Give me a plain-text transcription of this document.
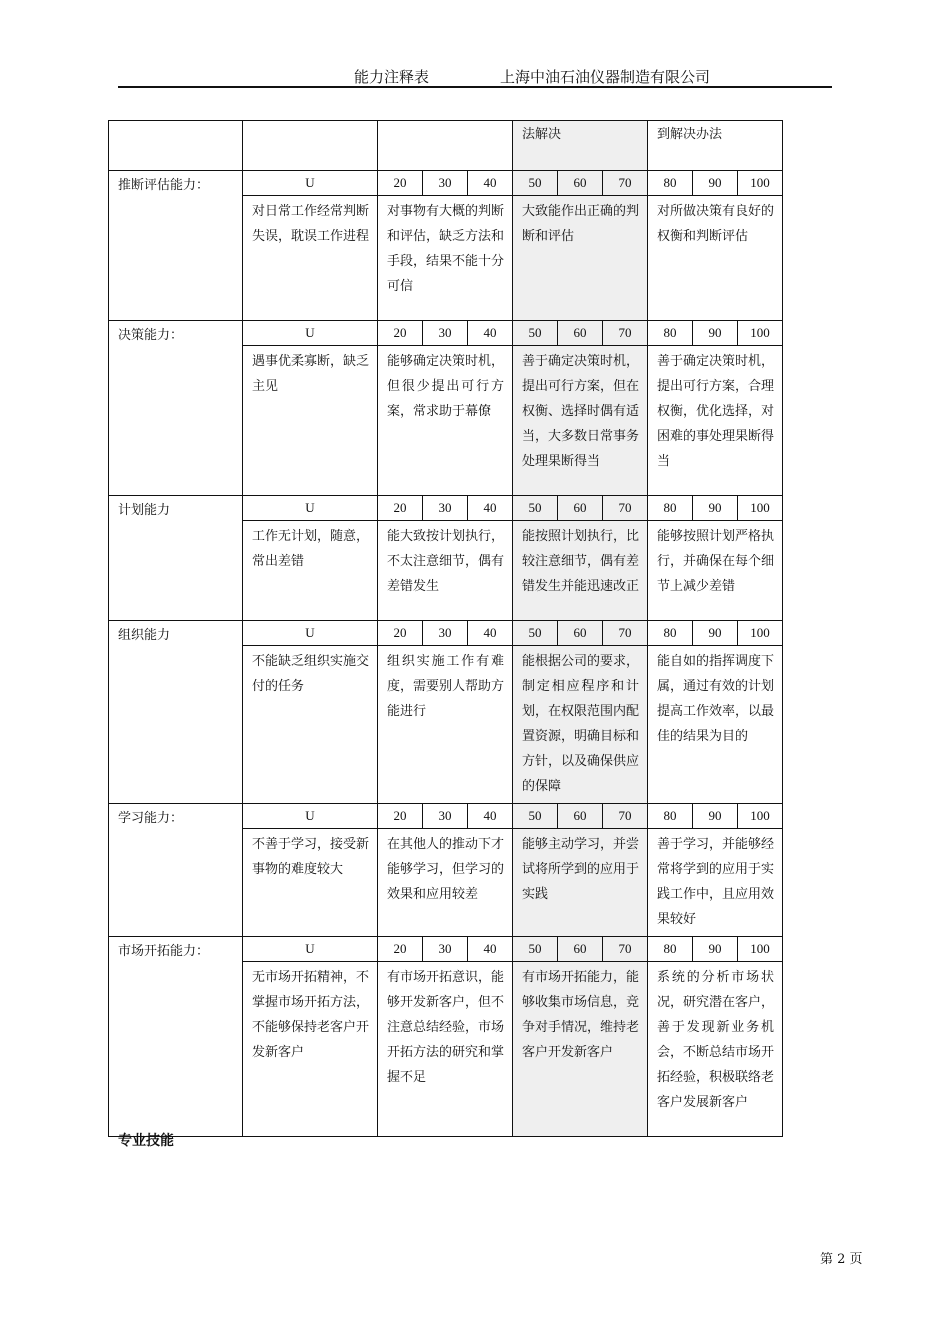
能力注释表	上海中油石油仪器制造有限公司

					法解决			到解决办法		

推断评估能力：	U	20	30	40	50	60	70	80	90	100

	对日常工作经常判断失误，耽误工作进程	对事物有大概的判断和评估，缺乏方法和手段，结果不能十分可信			大致能作出正确的判断和评估			对所做决策有良好的权衡和判断评估		

决策能力：	U	20	30	40	50	60	70	80	90	100

	遇事优柔寡断，缺乏主见	能够确定决策时机，但很少提出可行方案，常求助于幕僚			善于确定决策时机，提出可行方案，但在权衡、选择时偶有适当，大多数日常事务处理果断得当			善于确定决策时机，提出可行方案，合理权衡，优化选择，对困难的事处理果断得当		

计划能力	U	20	30	40	50	60	70	80	90	100

	工作无计划，随意，常出差错	能大致按计划执行，不太注意细节，偶有差错发生			能按照计划执行，比较注意细节，偶有差错发生并能迅速改正			能够按照计划严格执行，并确保在每个细节上减少差错		

组织能力	U	20	30	40	50	60	70	80	90	100

	不能缺乏组织实施交付的任务	组织实施工作有难度，需要别人帮助方能进行			能根据公司的要求，制定相应程序和计划，在权限范围内配置资源，明确目标和方针，以及确保供应的保障			能自如的指挥调度下属，通过有效的计划提高工作效率，以最佳的结果为目的		

学习能力：	U	20	30	40	50	60	70	80	90	100

	不善于学习，接受新事物的难度较大	在其他人的推动下才能够学习，但学习的效果和应用较差			能够主动学习，并尝试将所学到的应用于实践			善于学习，并能够经常将学到的应用于实践工作中，且应用效果较好		

市场开拓能力：	U	20	30	40	50	60	70	80	90	100

	无市场开拓精神，不掌握市场开拓方法，不能够保持老客户开发新客户	有市场开拓意识，能够开发新客户，但不注意总结经验，市场开拓方法的研究和掌握不足			有市场开拓能力，能够收集市场信息，竞争对手情况，维持老客户开发新客户			系统的分析市场状况，研究潜在客户，善于发现新业务机会，不断总结市场开拓经验，积极联络老客户发展新客户		
专业技能
第 2 页
